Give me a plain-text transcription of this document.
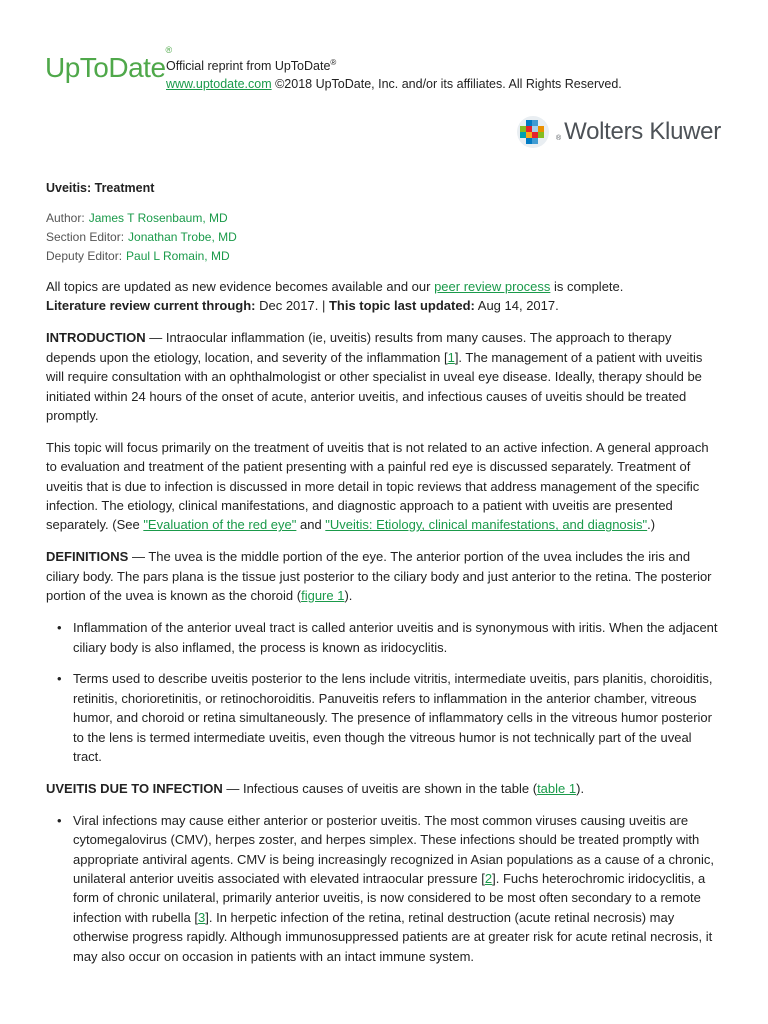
UpToDate®
Official reprint from UpToDate®
www.uptodate.com ©2018 UpToDate, Inc. and/or its affiliates. All Rights Reserved.
® Wolters Kluwer
Uveitis: Treatment
Author: James T Rosenbaum, MD
Section Editor: Jonathan Trobe, MD
Deputy Editor: Paul L Romain, MD

All topics are updated as new evidence becomes available and our peer review process is complete.
Literature review current through: Dec 2017. | This topic last updated: Aug 14, 2017.

INTRODUCTION — Intraocular inflammation (ie, uveitis) results from many causes. The approach to therapy depends upon the etiology, location, and severity of the inflammation [1]. The management of a patient with uveitis will require consultation with an ophthalmologist or other specialist in uveal eye disease. Ideally, therapy should be initiated within 24 hours of the onset of acute, anterior uveitis, and infectious causes of uveitis should be treated promptly.

This topic will focus primarily on the treatment of uveitis that is not related to an active infection. A general approach to evaluation and treatment of the patient presenting with a painful red eye is discussed separately. Treatment of uveitis that is due to infection is discussed in more detail in topic reviews that address management of the specific infection. The etiology, clinical manifestations, and diagnostic approach to a patient with uveitis are presented separately. (See "Evaluation of the red eye" and "Uveitis: Etiology, clinical manifestations, and diagnosis".)

DEFINITIONS — The uvea is the middle portion of the eye. The anterior portion of the uvea includes the iris and ciliary body. The pars plana is the tissue just posterior to the ciliary body and just anterior to the retina. The posterior portion of the uvea is known as the choroid (figure 1).

• Inflammation of the anterior uveal tract is called anterior uveitis and is synonymous with iritis. When the adjacent ciliary body is also inflamed, the process is known as iridocyclitis.
• Terms used to describe uveitis posterior to the lens include vitritis, intermediate uveitis, pars planitis, choroiditis, retinitis, chorioretinitis, or retinochoroiditis. Panuveitis refers to inflammation in the anterior chamber, vitreous humor, and choroid or retina simultaneously. The presence of inflammatory cells in the vitreous humor posterior to the lens is termed intermediate uveitis, even though the vitreous humor is not technically part of the uveal tract.

UVEITIS DUE TO INFECTION — Infectious causes of uveitis are shown in the table (table 1).

• Viral infections may cause either anterior or posterior uveitis. The most common viruses causing uveitis are cytomegalovirus (CMV), herpes zoster, and herpes simplex. These infections should be treated promptly with appropriate antiviral agents. CMV is being increasingly recognized in Asian populations as a cause of a chronic, unilateral anterior uveitis associated with elevated intraocular pressure [2]. Fuchs heterochromic iridocyclitis, a form of chronic unilateral, primarily anterior uveitis, is now considered to be most often secondary to a remote infection with rubella [3]. In herpetic infection of the retina, retinal destruction (acute retinal necrosis) may otherwise progress rapidly. Although immunosuppressed patients are at greater risk for acute retinal necrosis, it may also occur on occasion in patients with an intact immune system.
